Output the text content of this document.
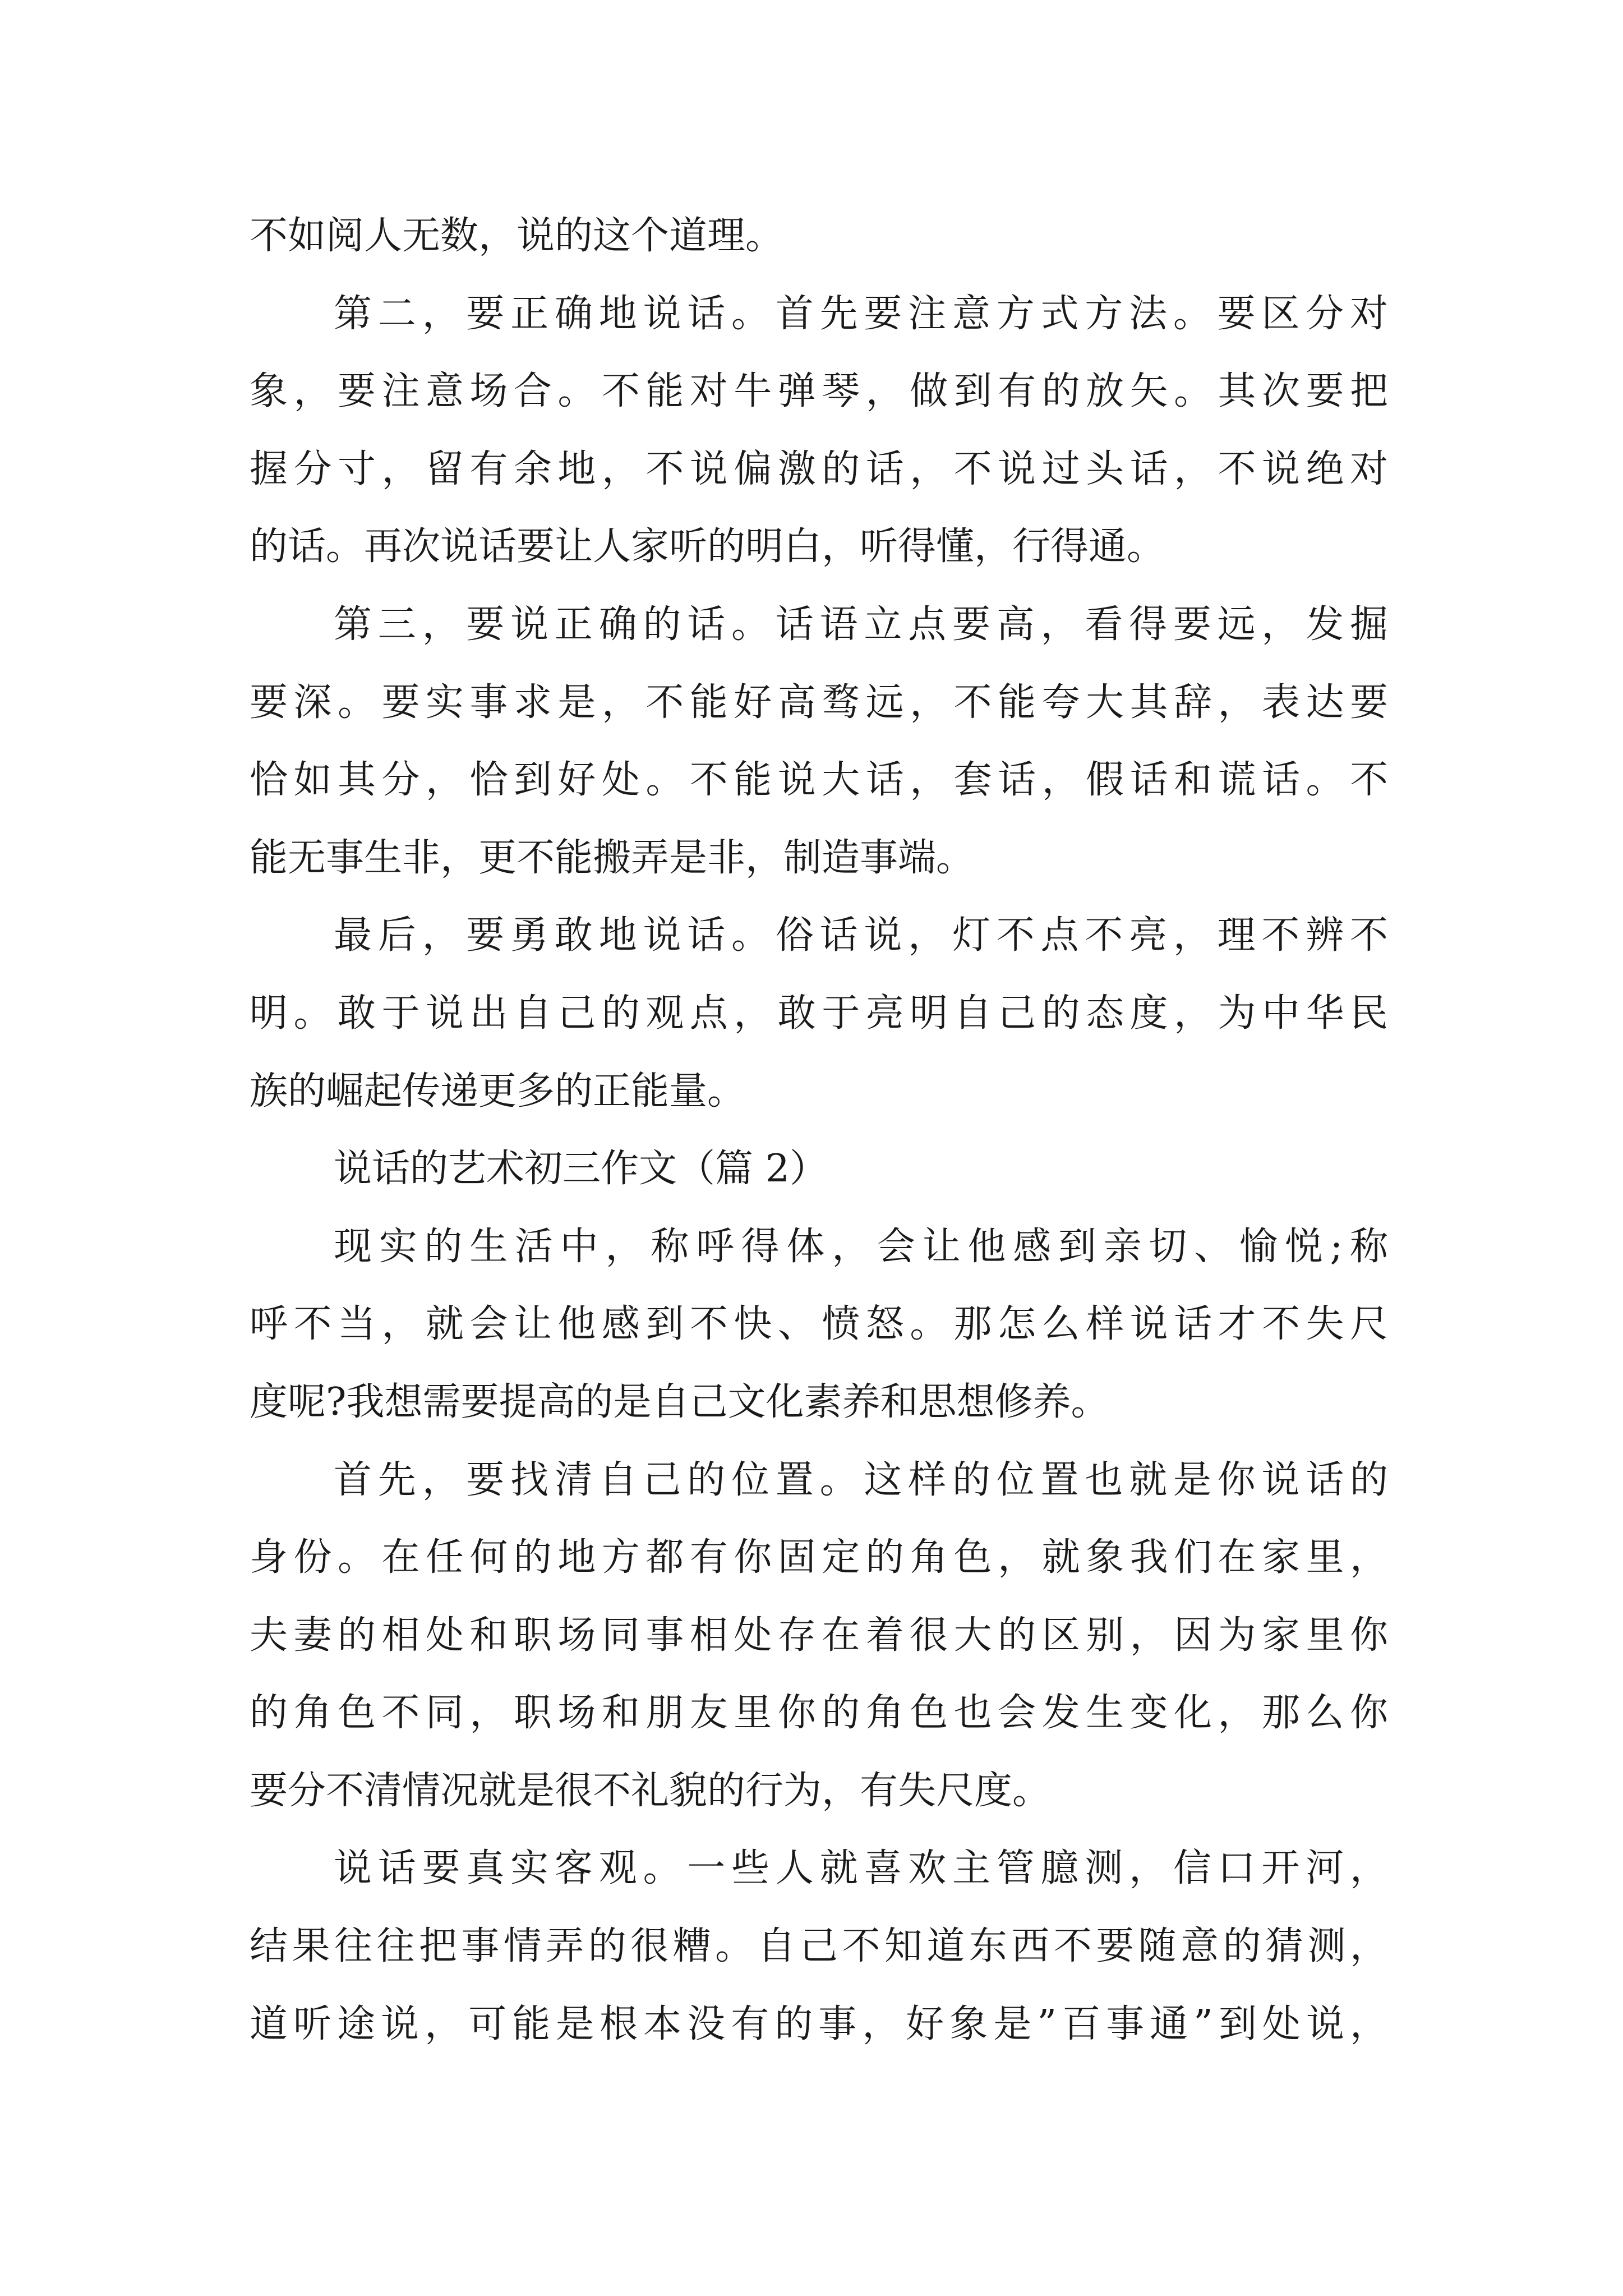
不如阅人无数，说的这个道理。
第二，要正确地说话。首先要注意方式方法。要区分对
象，要注意场合。不能对牛弹琴，做到有的放矢。其次要把
握分寸，留有余地，不说偏激的话，不说过头话，不说绝对
的话。再次说话要让人家听的明白，听得懂，行得通。
第三，要说正确的话。话语立点要高，看得要远，发掘
要深。要实事求是，不能好高骛远，不能夸大其辞，表达要
恰如其分，恰到好处。不能说大话，套话，假话和谎话。不
能无事生非，更不能搬弄是非，制造事端。
最后，要勇敢地说话。俗话说，灯不点不亮，理不辨不
明。敢于说出自己的观点，敢于亮明自己的态度，为中华民
族的崛起传递更多的正能量。
说话的艺术初三作文（篇 2）
现实的生活中，称呼得体，会让他感到亲切、愉悦;称
呼不当，就会让他感到不快、愤怒。那怎么样说话才不失尺
度呢?我想需要提高的是自己文化素养和思想修养。
首先，要找清自己的位置。这样的位置也就是你说话的
身份。在任何的地方都有你固定的角色，就象我们在家里，
夫妻的相处和职场同事相处存在着很大的区别，因为家里你
的角色不同，职场和朋友里你的角色也会发生变化，那么你
要分不清情况就是很不礼貌的行为，有失尺度。
说话要真实客观。一些人就喜欢主管臆测，信口开河，
结果往往把事情弄的很糟。自己不知道东西不要随意的猜测，
道听途说，可能是根本没有的事，好象是”百事通”到处说，
